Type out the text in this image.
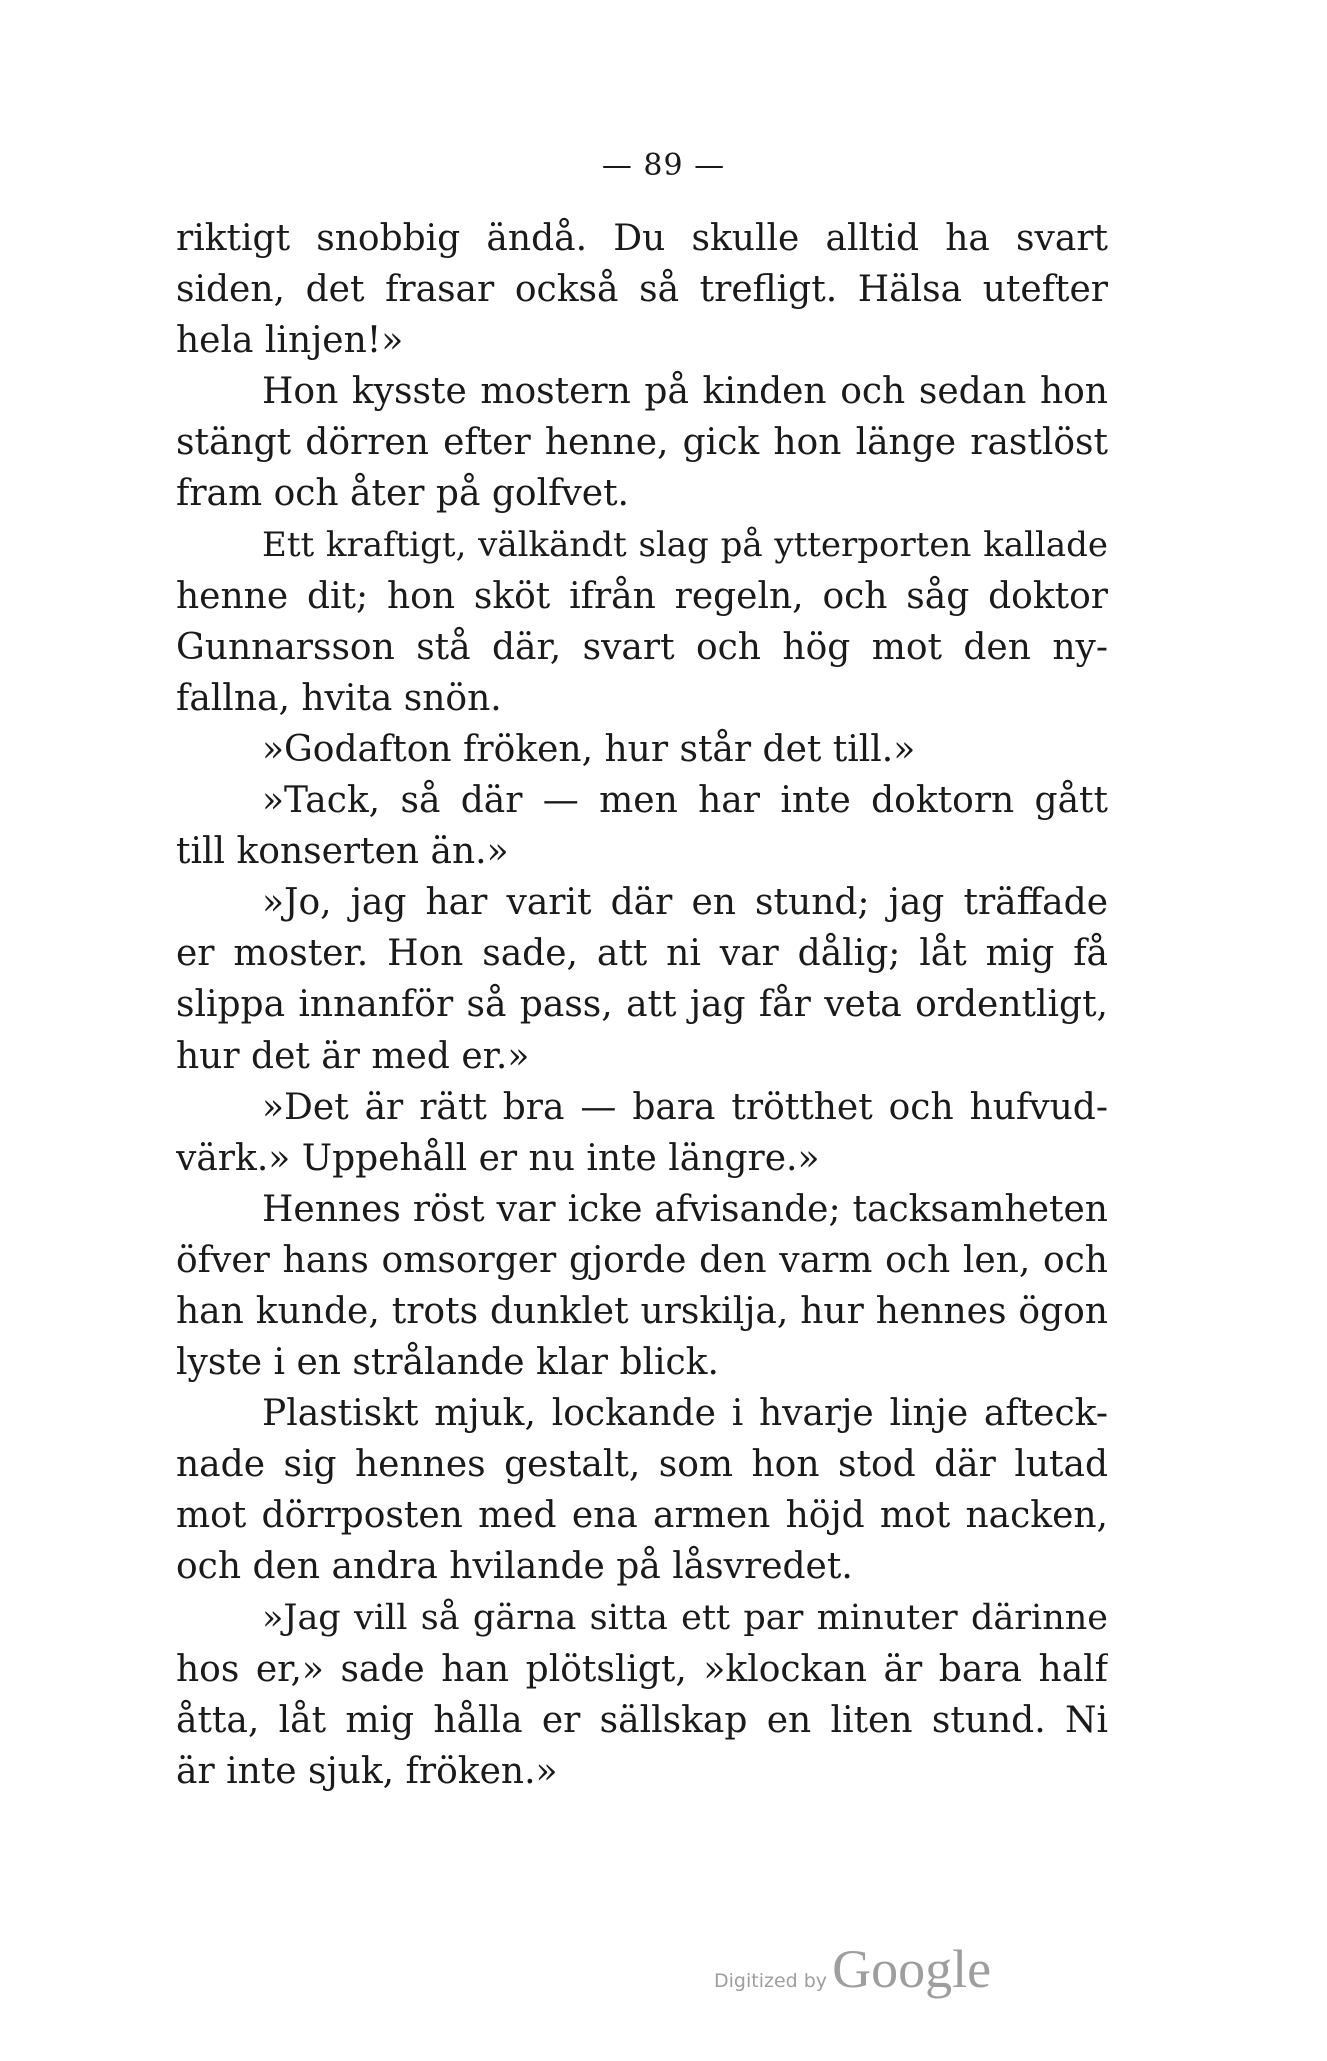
— 89 —
riktigt snobbig ändå. Du skulle alltid ha svart
siden, det frasar också så trefligt. Hälsa utefter
hela linjen!»
Hon kysste mostern på kinden och sedan hon
stängt dörren efter henne, gick hon länge rastlöst
fram och åter på golfvet.
Ett kraftigt, välkändt slag på ytterporten kallade
henne dit; hon sköt ifrån regeln, och såg doktor
Gunnarsson stå där, svart och hög mot den ny-
fallna, hvita snön.
»Godafton fröken, hur står det till.»
»Tack, så där — men har inte doktorn gått
till konserten än.»
»Jo, jag har varit där en stund; jag träffade
er moster. Hon sade, att ni var dålig; låt mig få
slippa innanför så pass, att jag får veta ordentligt,
hur det är med er.»
»Det är rätt bra — bara trötthet och hufvud-
värk.» Uppehåll er nu inte längre.»
Hennes röst var icke afvisande; tacksamheten
öfver hans omsorger gjorde den varm och len, och
han kunde, trots dunklet urskilja, hur hennes ögon
lyste i en strålande klar blick.
Plastiskt mjuk, lockande i hvarje linje afteck-
nade sig hennes gestalt, som hon stod där lutad
mot dörrposten med ena armen höjd mot nacken,
och den andra hvilande på låsvredet.
»Jag vill så gärna sitta ett par minuter därinne
hos er,» sade han plötsligt, »klockan är bara half
åtta, låt mig hålla er sällskap en liten stund. Ni
är inte sjuk, fröken.»
Digitized by Google
